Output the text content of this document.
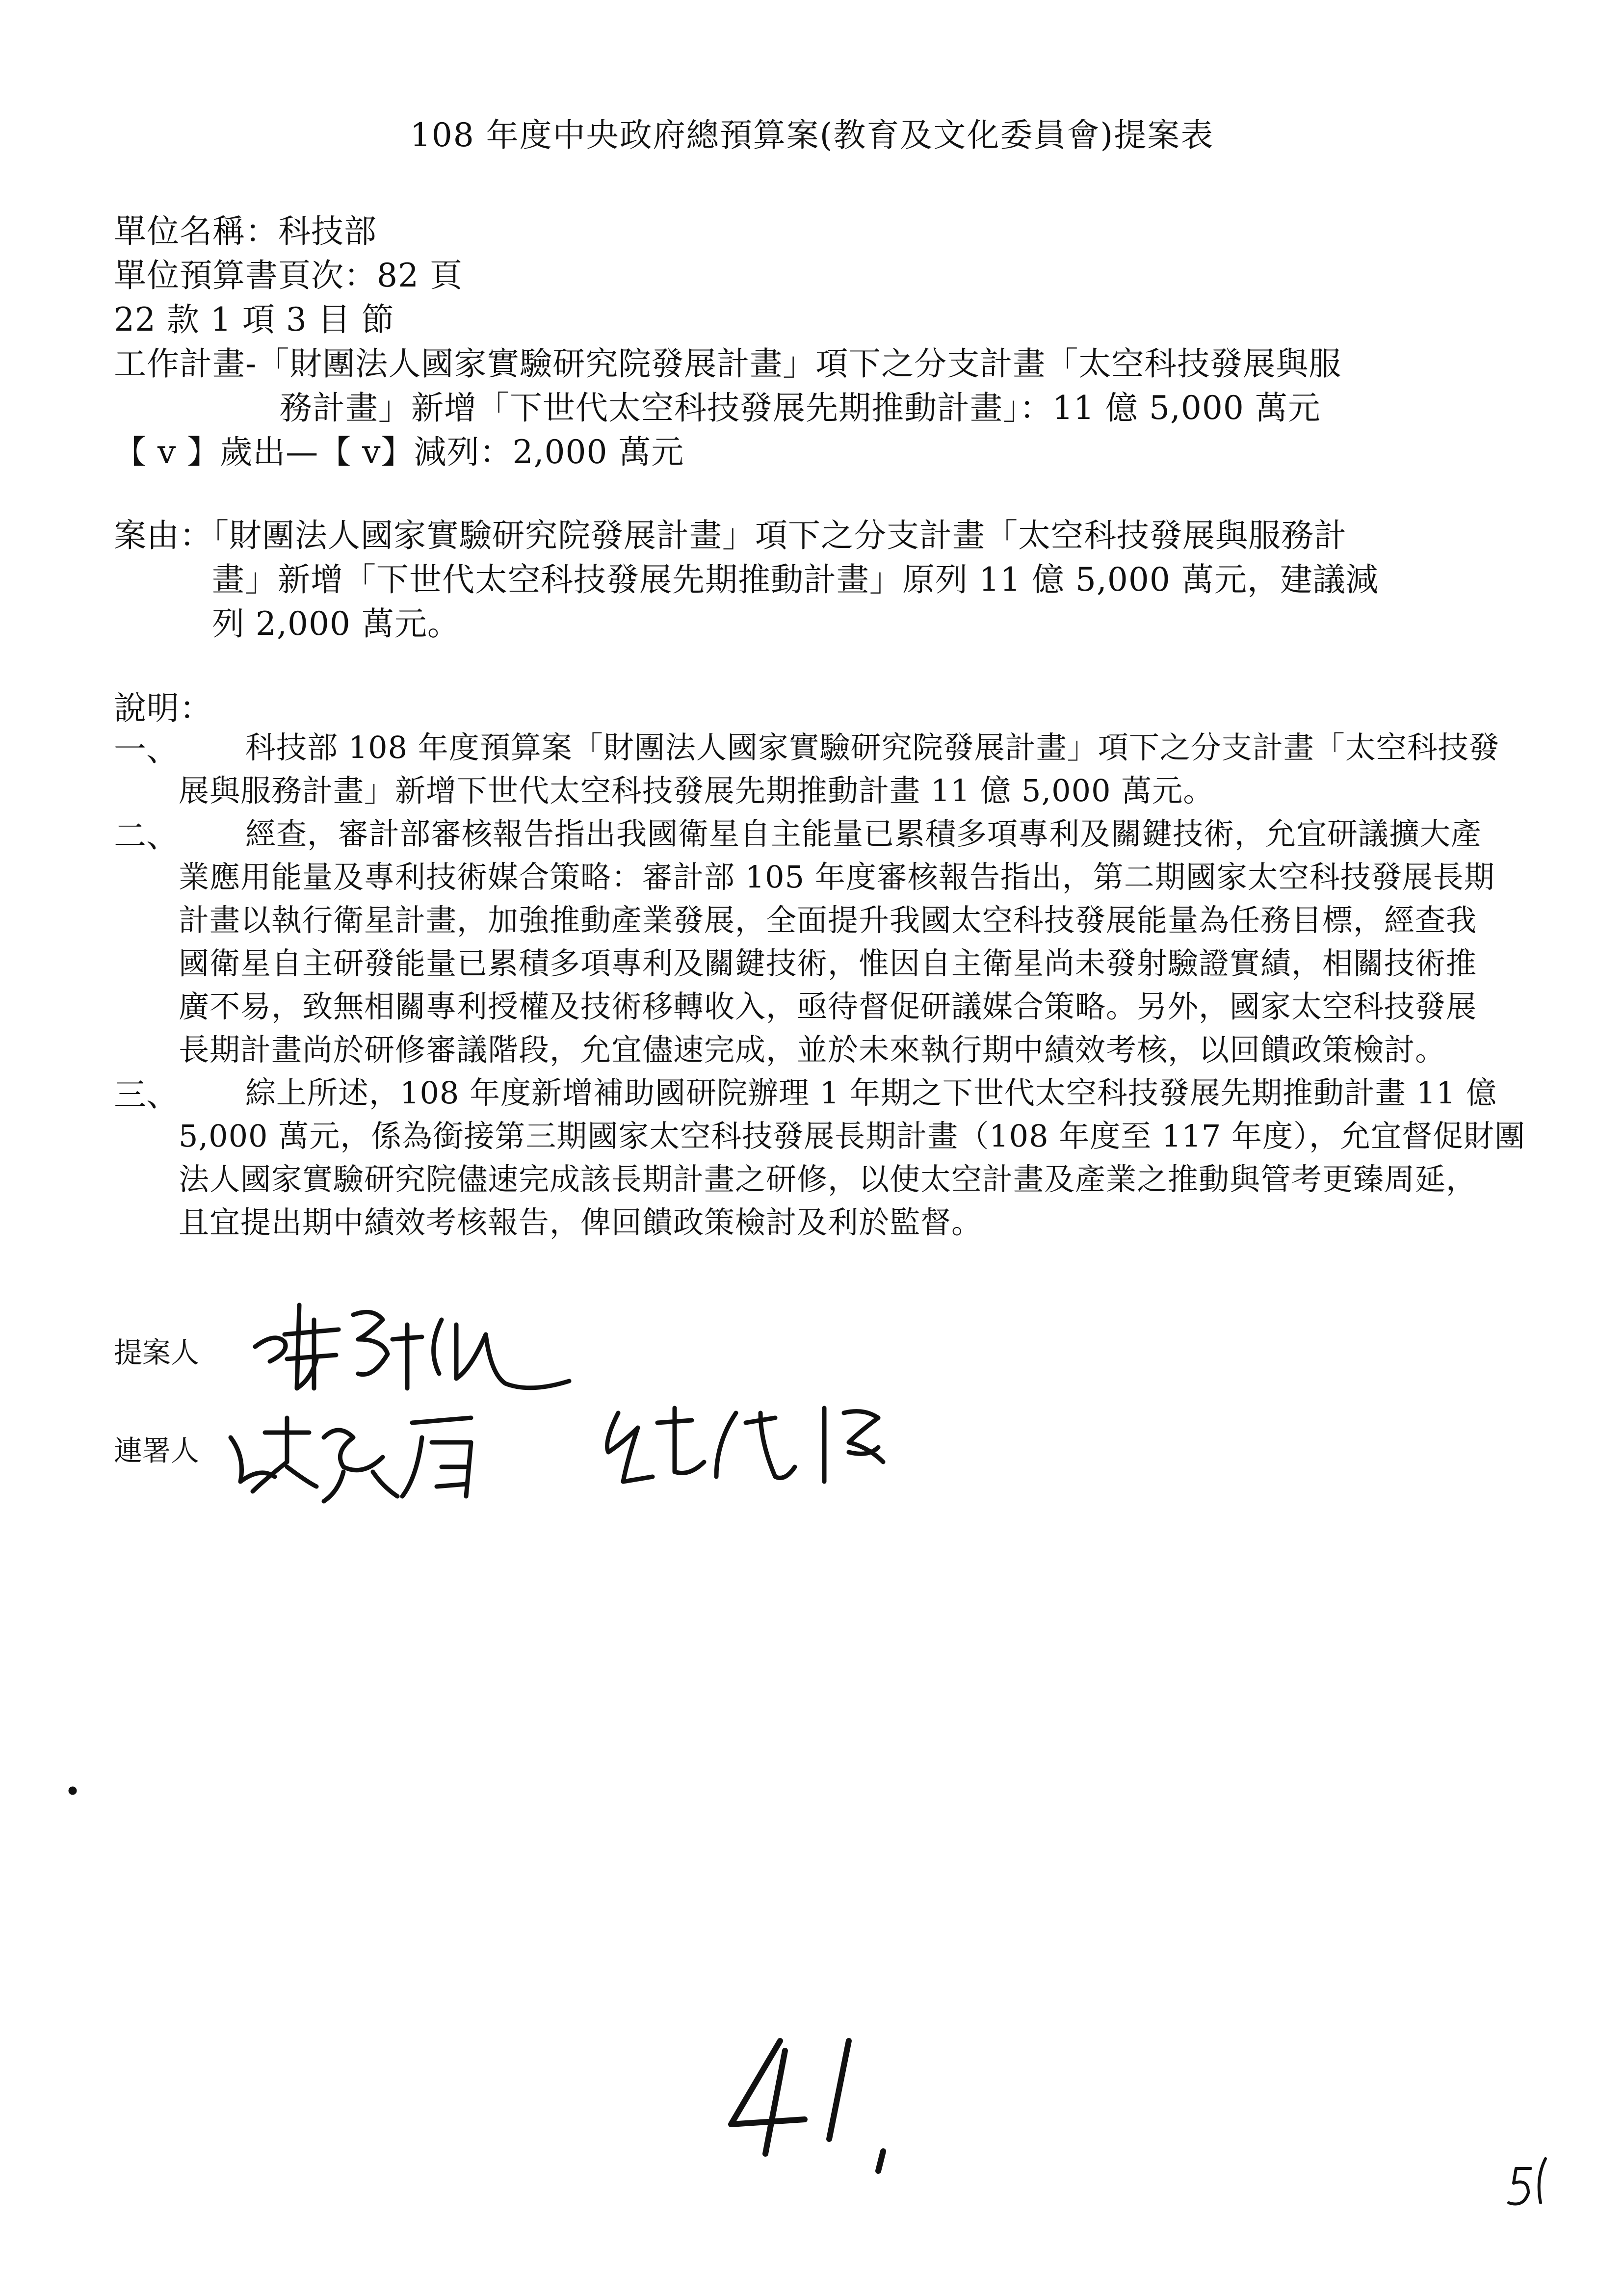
108 年度中央政府總預算案(教育及文化委員會)提案表
單位名稱：科技部
單位預算書頁次：82 頁
22 款 1 項 3 目 節
工作計畫-「財團法人國家實驗研究院發展計畫」項下之分支計畫「太空科技發展與服
務計畫」新增「下世代太空科技發展先期推動計畫」：11 億 5,000 萬元
【 v 】歲出—【 v】減列：2,000 萬元
案由：「財團法人國家實驗研究院發展計畫」項下之分支計畫「太空科技發展與服務計
畫」新增「下世代太空科技發展先期推動計畫」原列 11 億 5,000 萬元，建議減
列 2,000 萬元。
說明：
一、 科技部 108 年度預算案「財團法人國家實驗研究院發展計畫」項下之分支計畫「太空科技發
展與服務計畫」新增下世代太空科技發展先期推動計畫 11 億 5,000 萬元。
二、 經查，審計部審核報告指出我國衛星自主能量已累積多項專利及關鍵技術，允宜研議擴大產
業應用能量及專利技術媒合策略：審計部 105 年度審核報告指出，第二期國家太空科技發展長期
計畫以執行衛星計畫，加強推動產業發展，全面提升我國太空科技發展能量為任務目標，經查我
國衛星自主研發能量已累積多項專利及關鍵技術，惟因自主衛星尚未發射驗證實績，相關技術推
廣不易，致無相關專利授權及技術移轉收入，亟待督促研議媒合策略。另外，國家太空科技發展
長期計畫尚於研修審議階段，允宜儘速完成，並於未來執行期中績效考核，以回饋政策檢討。
三、 綜上所述，108 年度新增補助國研院辦理 1 年期之下世代太空科技發展先期推動計畫 11 億
5,000 萬元，係為銜接第三期國家太空科技發展長期計畫（108 年度至 117 年度），允宜督促財團
法人國家實驗研究院儘速完成該長期計畫之研修，以使太空計畫及產業之推動與管考更臻周延，
且宜提出期中績效考核報告，俾回饋政策檢討及利於監督。
提案人
連署人
